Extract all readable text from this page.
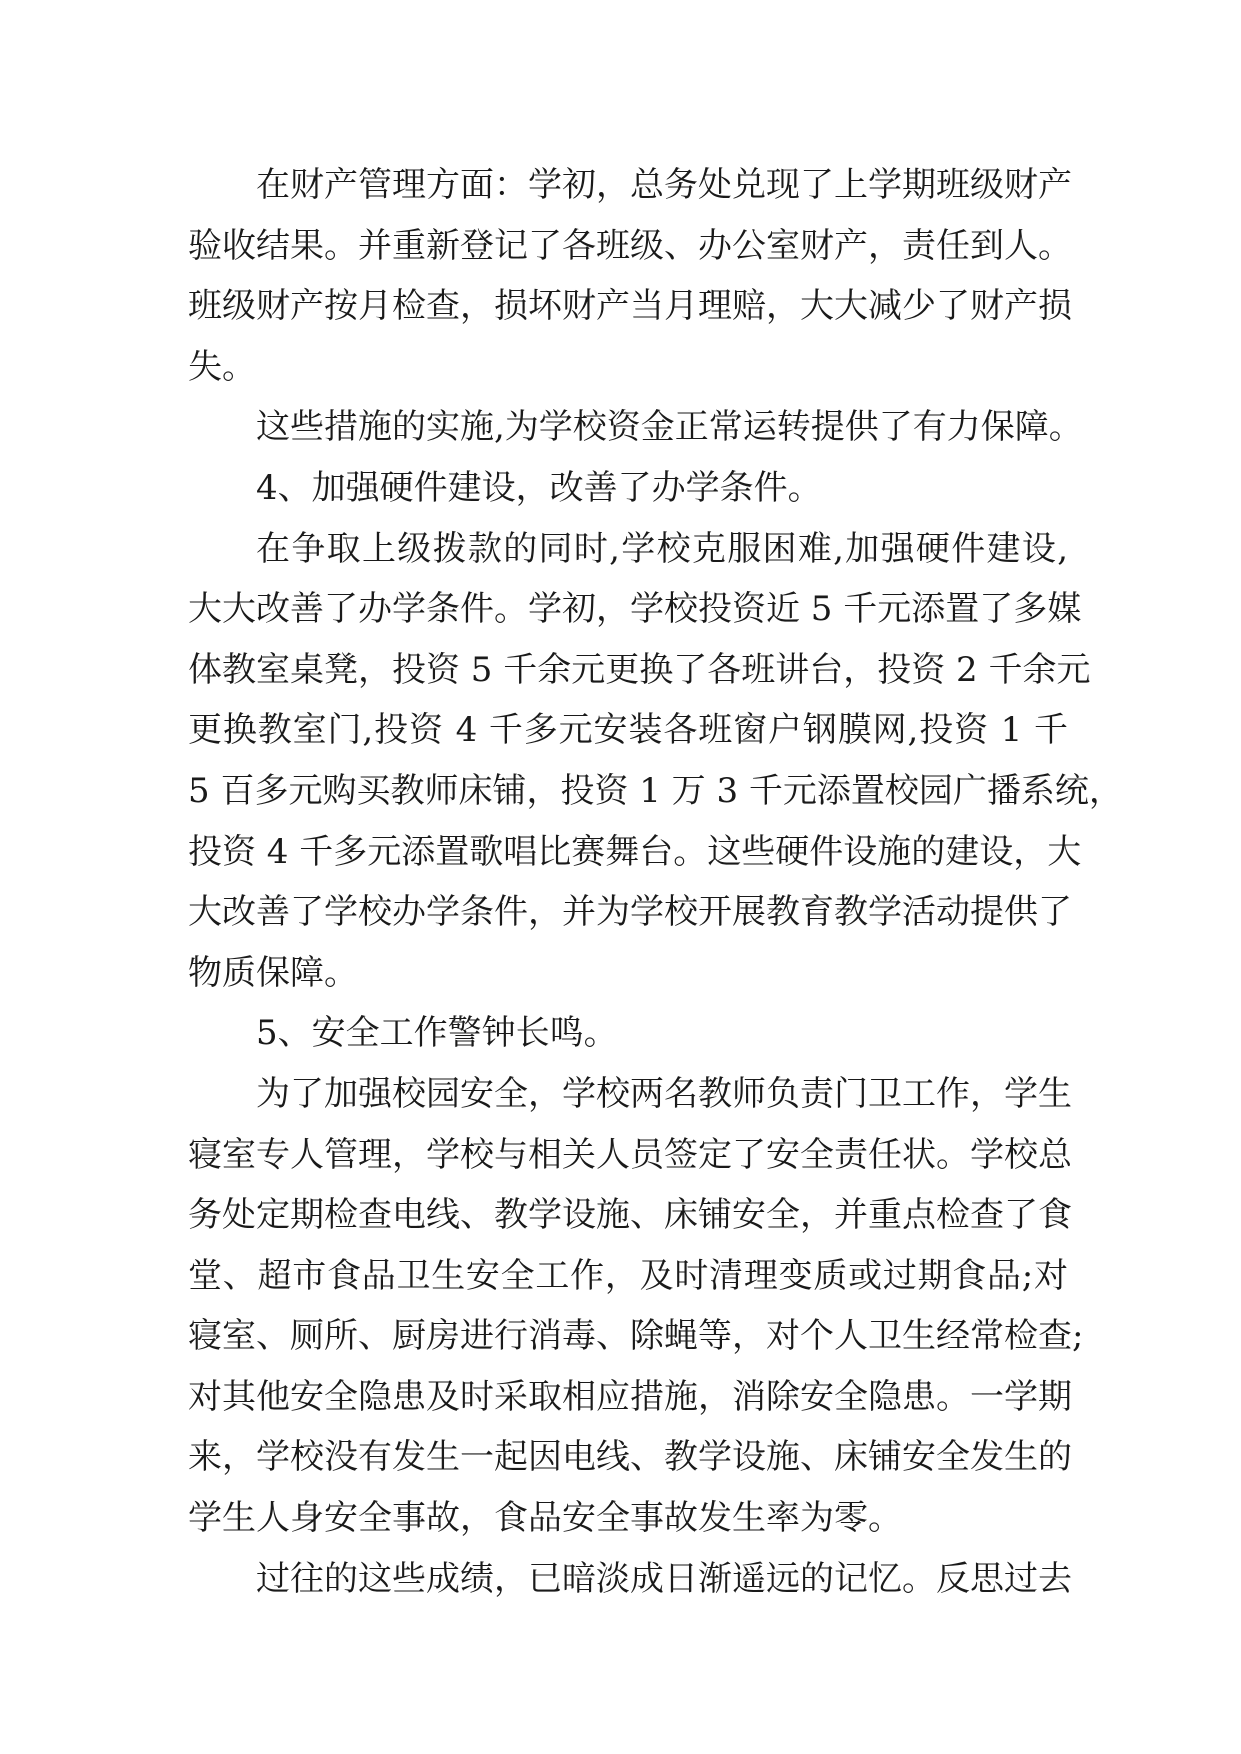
在财产管理方面：学初，总务处兑现了上学期班级财产
验收结果。并重新登记了各班级、办公室财产，责任到人。
班级财产按月检查，损坏财产当月理赔，大大减少了财产损
失。
这些措施的实施,为学校资金正常运转提供了有力保障。
4、加强硬件建设，改善了办学条件。
在争取上级拨款的同时,学校克服困难,加强硬件建设,
大大改善了办学条件。学初，学校投资近 5 千元添置了多媒
体教室桌凳，投资 5 千余元更换了各班讲台，投资 2 千余元
更换教室门,投资 4 千多元安装各班窗户钢膜网,投资 1 千
5 百多元购买教师床铺，投资 1 万 3 千元添置校园广播系统，
投资 4 千多元添置歌唱比赛舞台。这些硬件设施的建设，大
大改善了学校办学条件，并为学校开展教育教学活动提供了
物质保障。
5、安全工作警钟长鸣。
为了加强校园安全，学校两名教师负责门卫工作，学生
寝室专人管理，学校与相关人员签定了安全责任状。学校总
务处定期检查电线、教学设施、床铺安全，并重点检查了食
堂、超市食品卫生安全工作，及时清理变质或过期食品;对
寝室、厕所、厨房进行消毒、除蝇等，对个人卫生经常检查;
对其他安全隐患及时采取相应措施，消除安全隐患。一学期
来，学校没有发生一起因电线、教学设施、床铺安全发生的
学生人身安全事故，食品安全事故发生率为零。
过往的这些成绩，已暗淡成日渐遥远的记忆。反思过去
